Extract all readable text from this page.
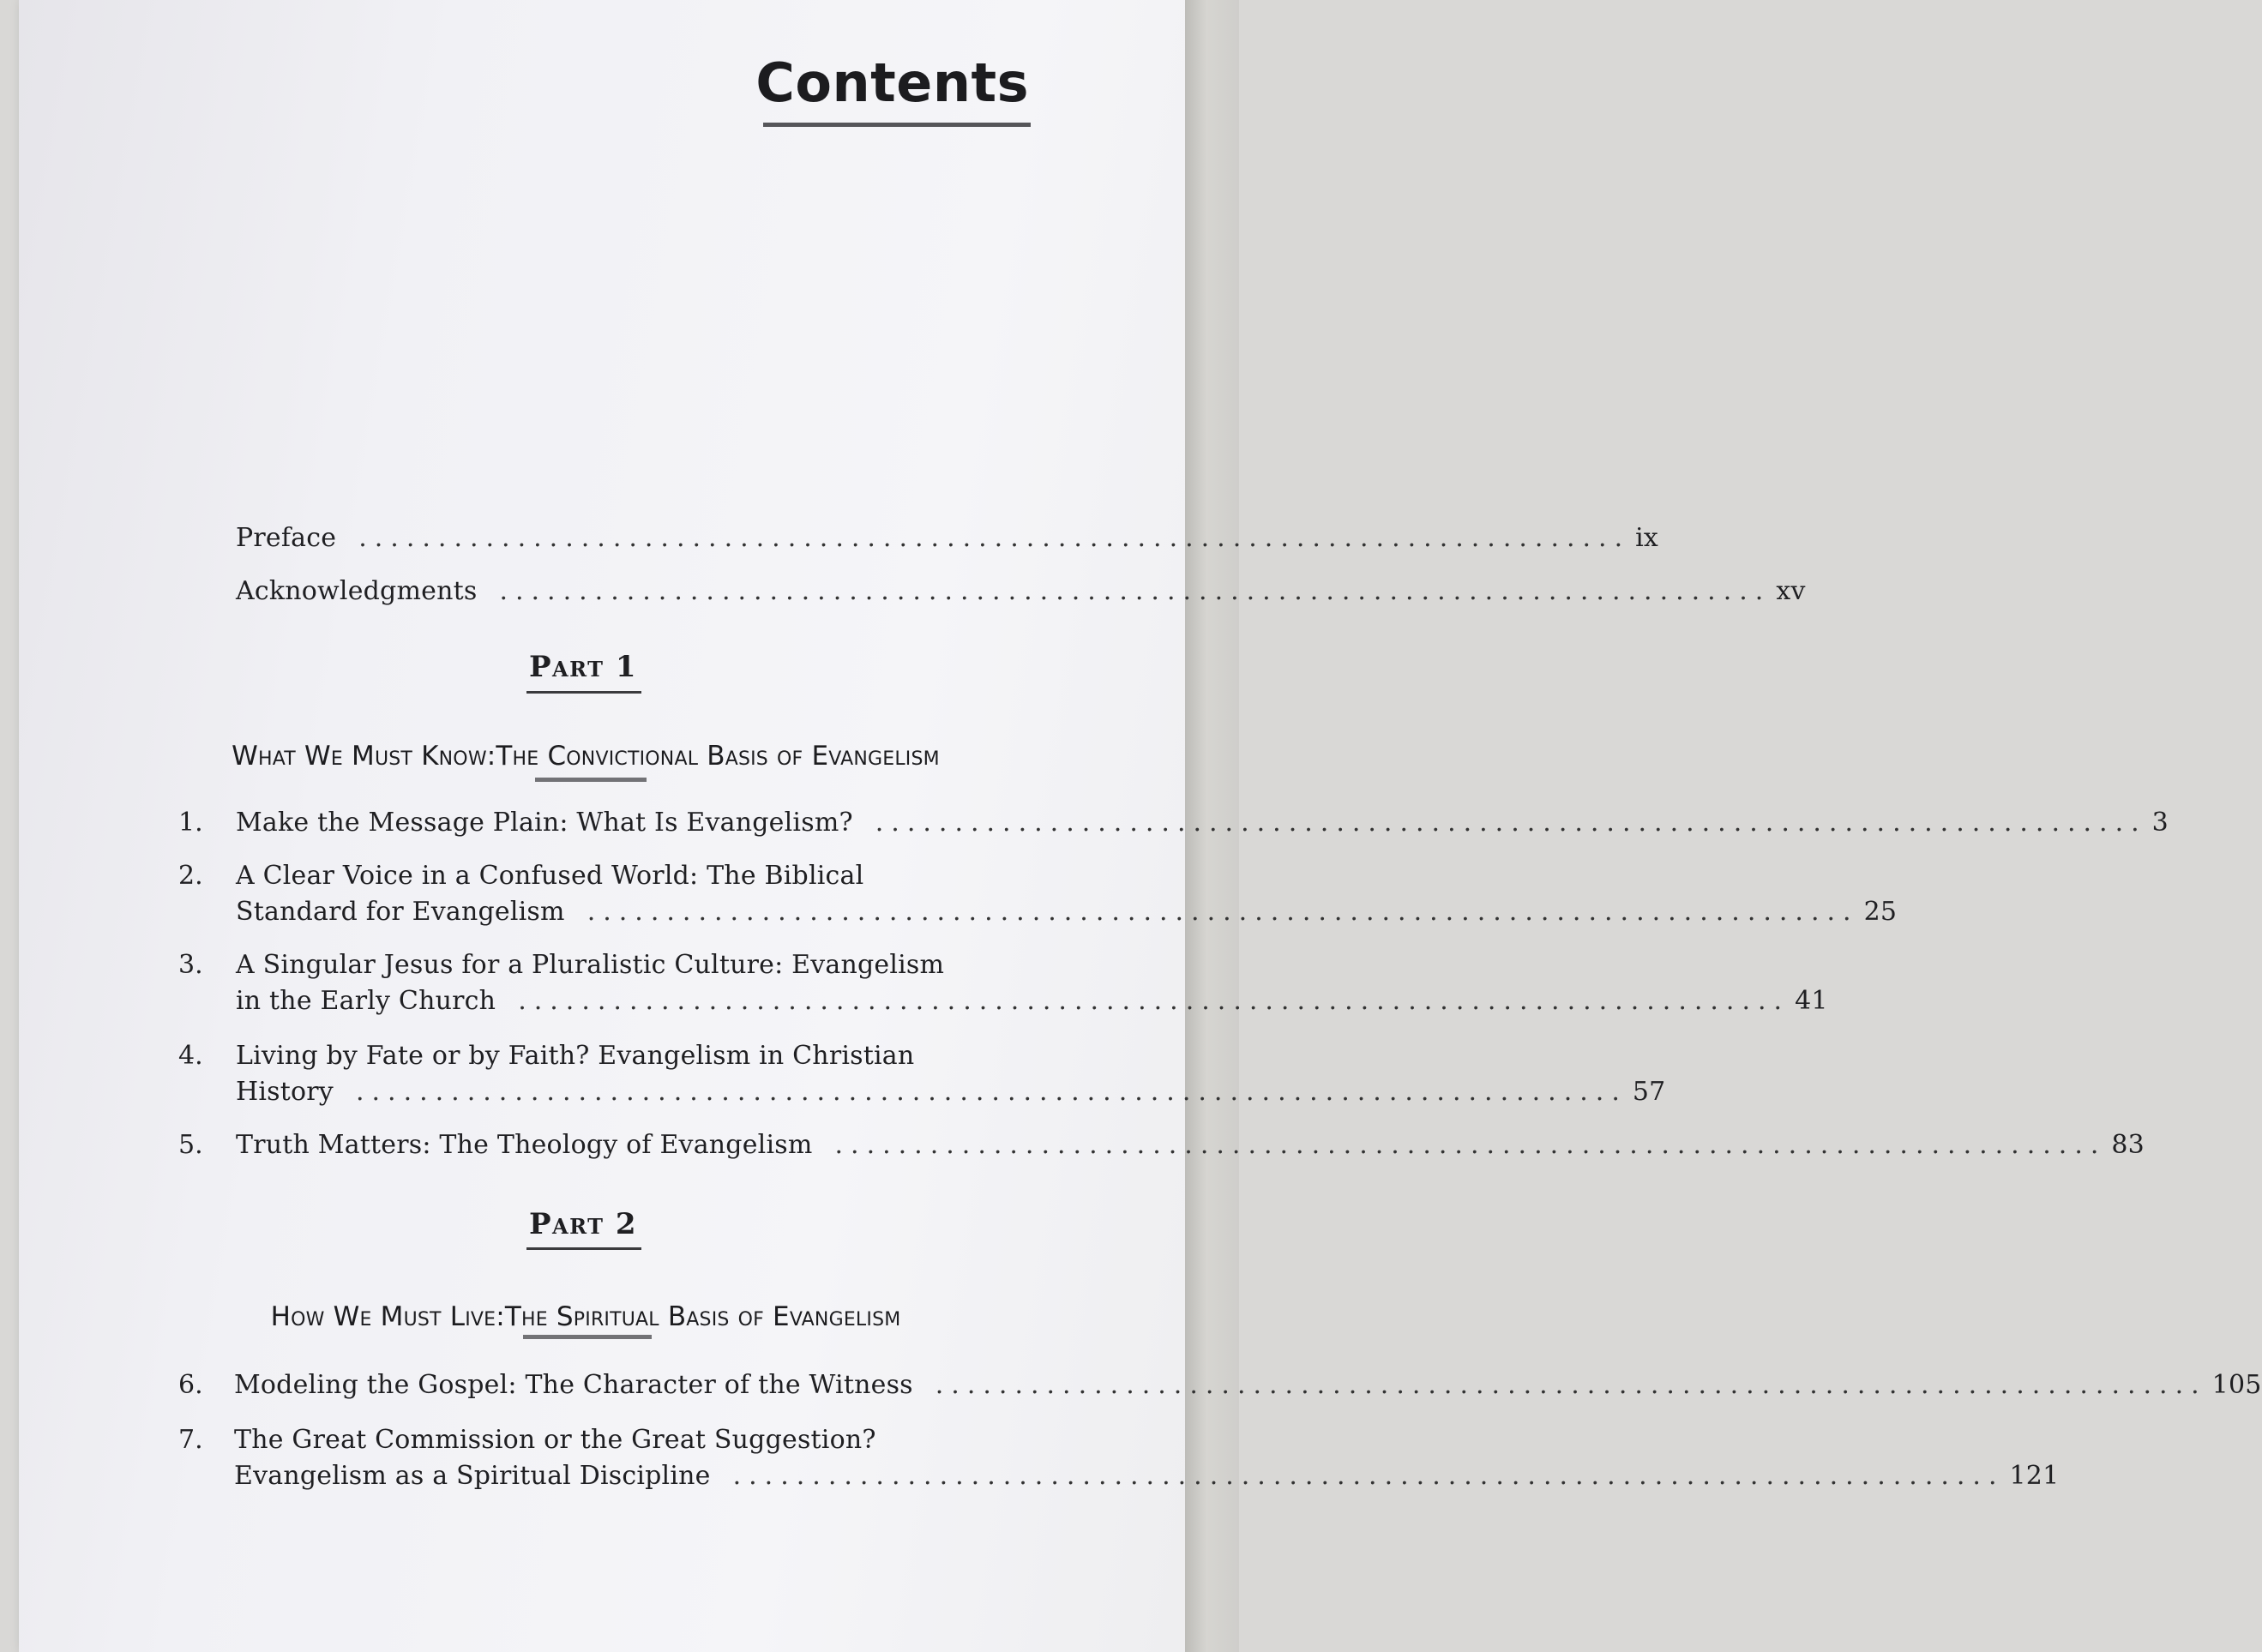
Contents
Preface ................................................................................ ix
Acknowledgments ................................................................................ xv
Part 1
What We Must Know:The Convictional Basis of Evangelism
1. Make the Message Plain: What Is Evangelism? ................................................................................ 3
2. A Clear Voice in a Confused World: The Biblical
Standard for Evangelism ................................................................................ 25
3. A Singular Jesus for a Pluralistic Culture: Evangelism
in the Early Church ................................................................................ 41
4. Living by Fate or by Faith? Evangelism in Christian
History ................................................................................ 57
5. Truth Matters: The Theology of Evangelism ................................................................................ 83
Part 2
How We Must Live:The Spiritual Basis of Evangelism
6. Modeling the Gospel: The Character of the Witness ................................................................................ 105
7. The Great Commission or the Great Suggestion?
Evangelism as a Spiritual Discipline ................................................................................ 121
